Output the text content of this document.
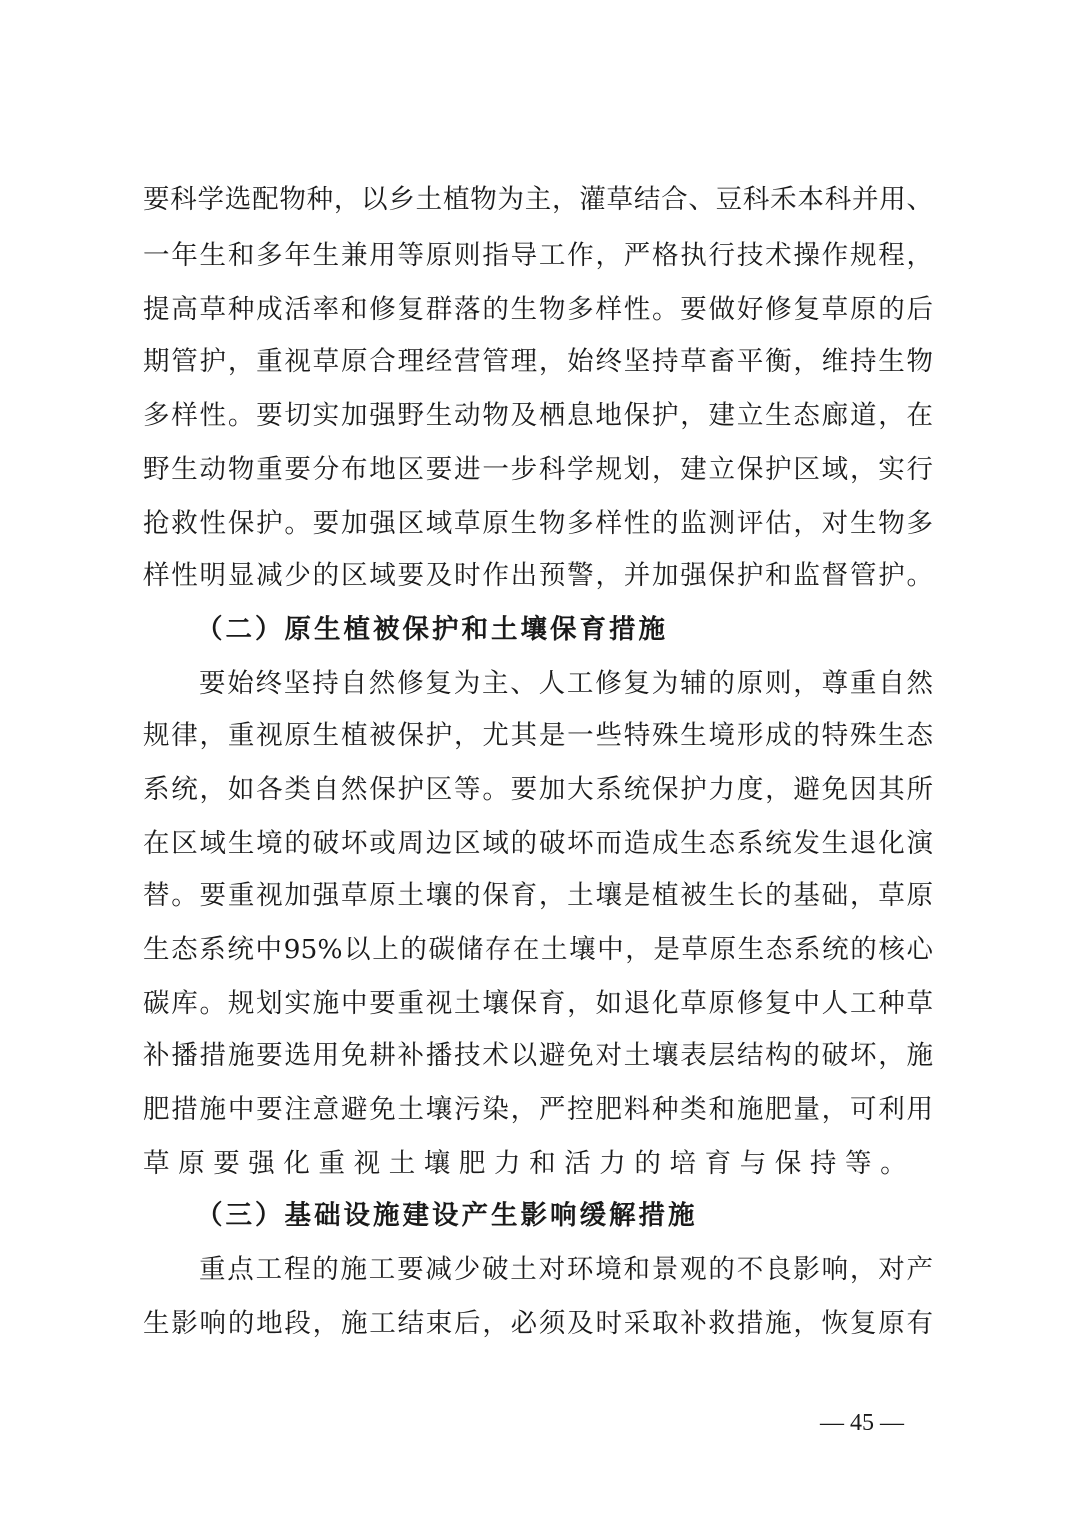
要科学选配物种，以乡土植物为主，灌草结合、豆科禾本科并用、
一年生和多年生兼用等原则指导工作，严格执行技术操作规程，
提高草种成活率和修复群落的生物多样性。要做好修复草原的后
期管护，重视草原合理经营管理，始终坚持草畜平衡，维持生物
多样性。要切实加强野生动物及栖息地保护，建立生态廊道，在
野生动物重要分布地区要进一步科学规划，建立保护区域，实行
抢救性保护。要加强区域草原生物多样性的监测评估，对生物多
样性明显减少的区域要及时作出预警，并加强保护和监督管护。
（二）原生植被保护和土壤保育措施
要始终坚持自然修复为主、人工修复为辅的原则，尊重自然
规律，重视原生植被保护，尤其是一些特殊生境形成的特殊生态
系统，如各类自然保护区等。要加大系统保护力度，避免因其所
在区域生境的破坏或周边区域的破坏而造成生态系统发生退化演
替。要重视加强草原土壤的保育，土壤是植被生长的基础，草原
生态系统中95%以上的碳储存在土壤中，是草原生态系统的核心
碳库。规划实施中要重视土壤保育，如退化草原修复中人工种草
补播措施要选用免耕补播技术以避免对土壤表层结构的破坏，施
肥措施中要注意避免土壤污染，严控肥料种类和施肥量，可利用
草原要强化重视土壤肥力和活力的培育与保持等。
（三）基础设施建设产生影响缓解措施
重点工程的施工要减少破土对环境和景观的不良影响，对产
生影响的地段，施工结束后，必须及时采取补救措施，恢复原有
— 45 —
